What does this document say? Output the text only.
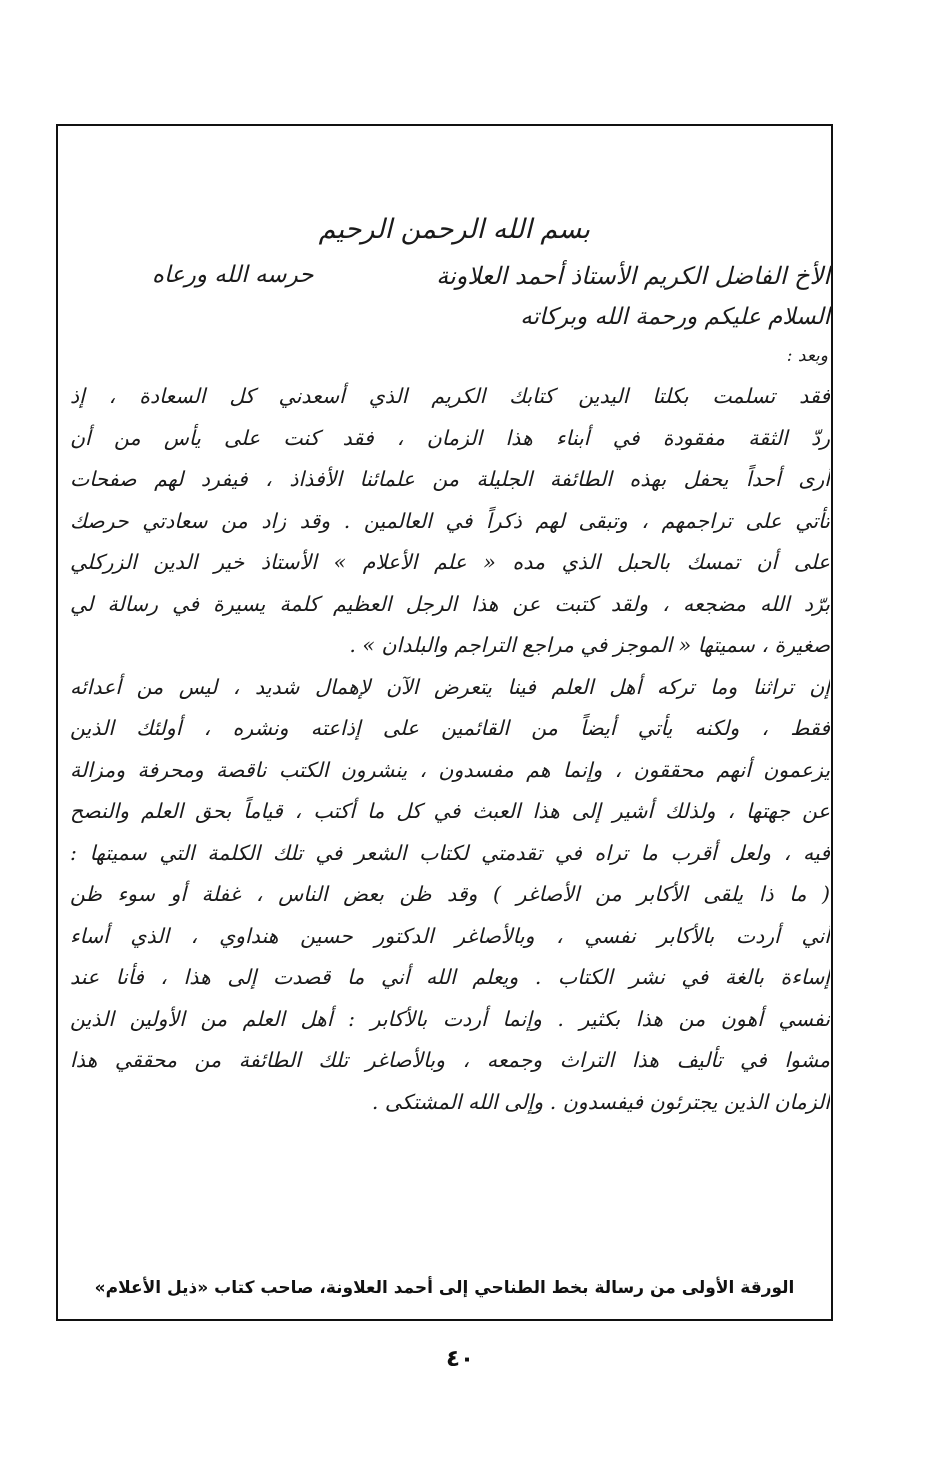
بسم الله الرحمن الرحيم
الأخ الفاضل الكريم الأستاذ أحمد العلاونة
حرسه الله ورعاه
السلام عليكم ورحمة الله وبركاته
وبعد :
فقد تسلمت بكلتا اليدين كتابك الكريم الذي أسعدني كل السعادة ، إذ
ردّ الثقة مفقودة في أبناء هذا الزمان ، فقد كنت على يأس من أن
أرى أحداً يحفل بهذه الطائفة الجليلة من علمائنا الأفذاذ ، فيفرد لهم صفحات
تأتي على تراجمهم ، وتبقى لهم ذكراً في العالمين . وقد زاد من سعادتي حرصك
على أن تمسك بالحبل الذي مده « علم الأعلام » الأستاذ خير الدين الزركلي
برّد الله مضجعه ، ولقد كتبت عن هذا الرجل العظيم كلمة يسيرة في رسالة لي
صغيرة ، سميتها « الموجز في مراجع التراجم والبلدان » .
إن تراثنا وما تركه أهل العلم فينا يتعرض الآن لإهمال شديد ، ليس من أعدائه
فقط ، ولكنه يأتي أيضاً من القائمين على إذاعته ونشره ، أولئك الذين
يزعمون أنهم محققون ، وإنما هم مفسدون ، ينشرون الكتب ناقصة ومحرفة ومزالة
عن جهتها ، ولذلك أشير إلى هذا العبث في كل ما أكتب ، قياماً بحق العلم والنصح
فيه ، ولعل أقرب ما تراه في تقدمتي لكتاب الشعر في تلك الكلمة التي سميتها :
( ما ذا يلقى الأكابر من الأصاغر ) وقد ظن بعض الناس ، غفلة أو سوء ظن
أني أردت بالأكابر نفسي ، وبالأصاغر الدكتور حسين هنداوي ، الذي أساء
إساءة بالغة في نشر الكتاب . ويعلم الله أني ما قصدت إلى هذا ، فأنا عند
نفسي أهون من هذا بكثير . وإنما أردت بالأكابر : أهل العلم من الأولين الذين
مشوا في تأليف هذا التراث وجمعه ، وبالأصاغر تلك الطائفة من محققي هذا
الزمان الذين يجترئون فيفسدون . وإلى الله المشتكى .
الورقة الأولى من رسالة بخط الطناحي إلى أحمد العلاونة، صاحب كتاب «ذيل الأعلام»
٤٠
